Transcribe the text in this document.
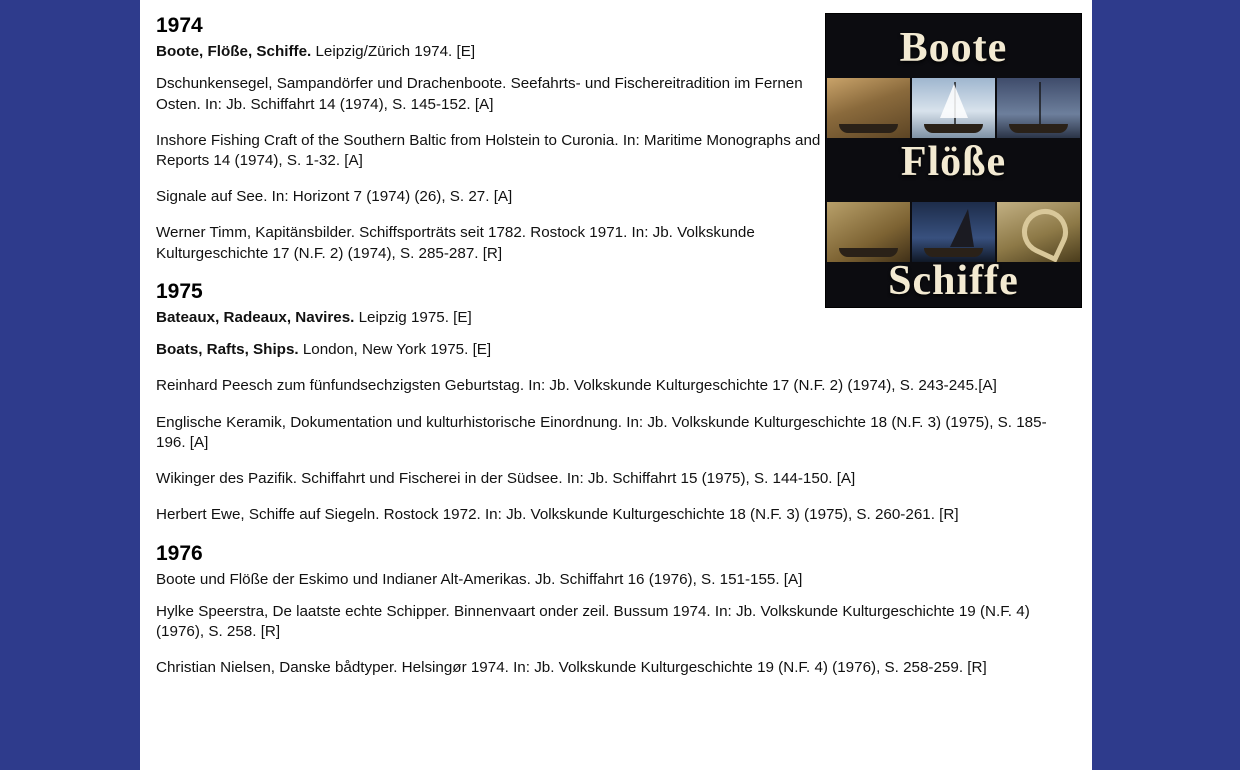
1974

Boote, Flöße, Schiffe. Leipzig/Zürich 1974. [E]

Dschunkensegel, Sampandörfer und Drachenboote. Seefahrts- und Fischereitradition im Fernen Osten. In: Jb. Schiffahrt 14 (1974), S. 145-152. [A]

Inshore Fishing Craft of the Southern Baltic from Holstein to Curonia. In: Maritime Monographs and Reports 14 (1974), S. 1-32. [A]

Signale auf See. In: Horizont 7 (1974) (26), S. 27. [A]

Werner Timm, Kapitänsbilder. Schiffsporträts seit 1782. Rostock 1971. In: Jb. Volkskunde Kulturgeschichte 17 (N.F. 2) (1974), S. 285-287. [R]

1975

Bateaux, Radeaux, Navires. Leipzig 1975. [E]

Boats, Rafts, Ships. London, New York 1975. [E]

Reinhard Peesch zum fünfundsechzigsten Geburtstag. In: Jb. Volkskunde Kulturgeschichte 17 (N.F. 2) (1974), S. 243-245.[A]

Englische Keramik, Dokumentation und kulturhistorische Einordnung. In: Jb. Volkskunde Kulturgeschichte 18 (N.F. 3) (1975), S. 185-196. [A]

Wikinger des Pazifik. Schiffahrt und Fischerei in der Südsee. In: Jb. Schiffahrt 15 (1975), S. 144-150. [A]

Herbert Ewe, Schiffe auf Siegeln. Rostock 1972. In: Jb. Volkskunde Kulturgeschichte 18 (N.F. 3) (1975), S. 260-261. [R]

1976

Boote und Flöße der Eskimo und Indianer Alt-Amerikas. Jb. Schiffahrt 16 (1976), S. 151-155. [A]

Hylke Speerstra, De laatste echte Schipper. Binnenvaart onder zeil. Bussum 1974. In: Jb. Volkskunde Kulturgeschichte 19 (N.F. 4) (1976), S. 258. [R]

Christian Nielsen, Danske bådtyper. Helsingør 1974. In: Jb. Volkskunde Kulturgeschichte 19 (N.F. 4) (1976), S. 258-259. [R]

Boote
Flöße
Schiffe
